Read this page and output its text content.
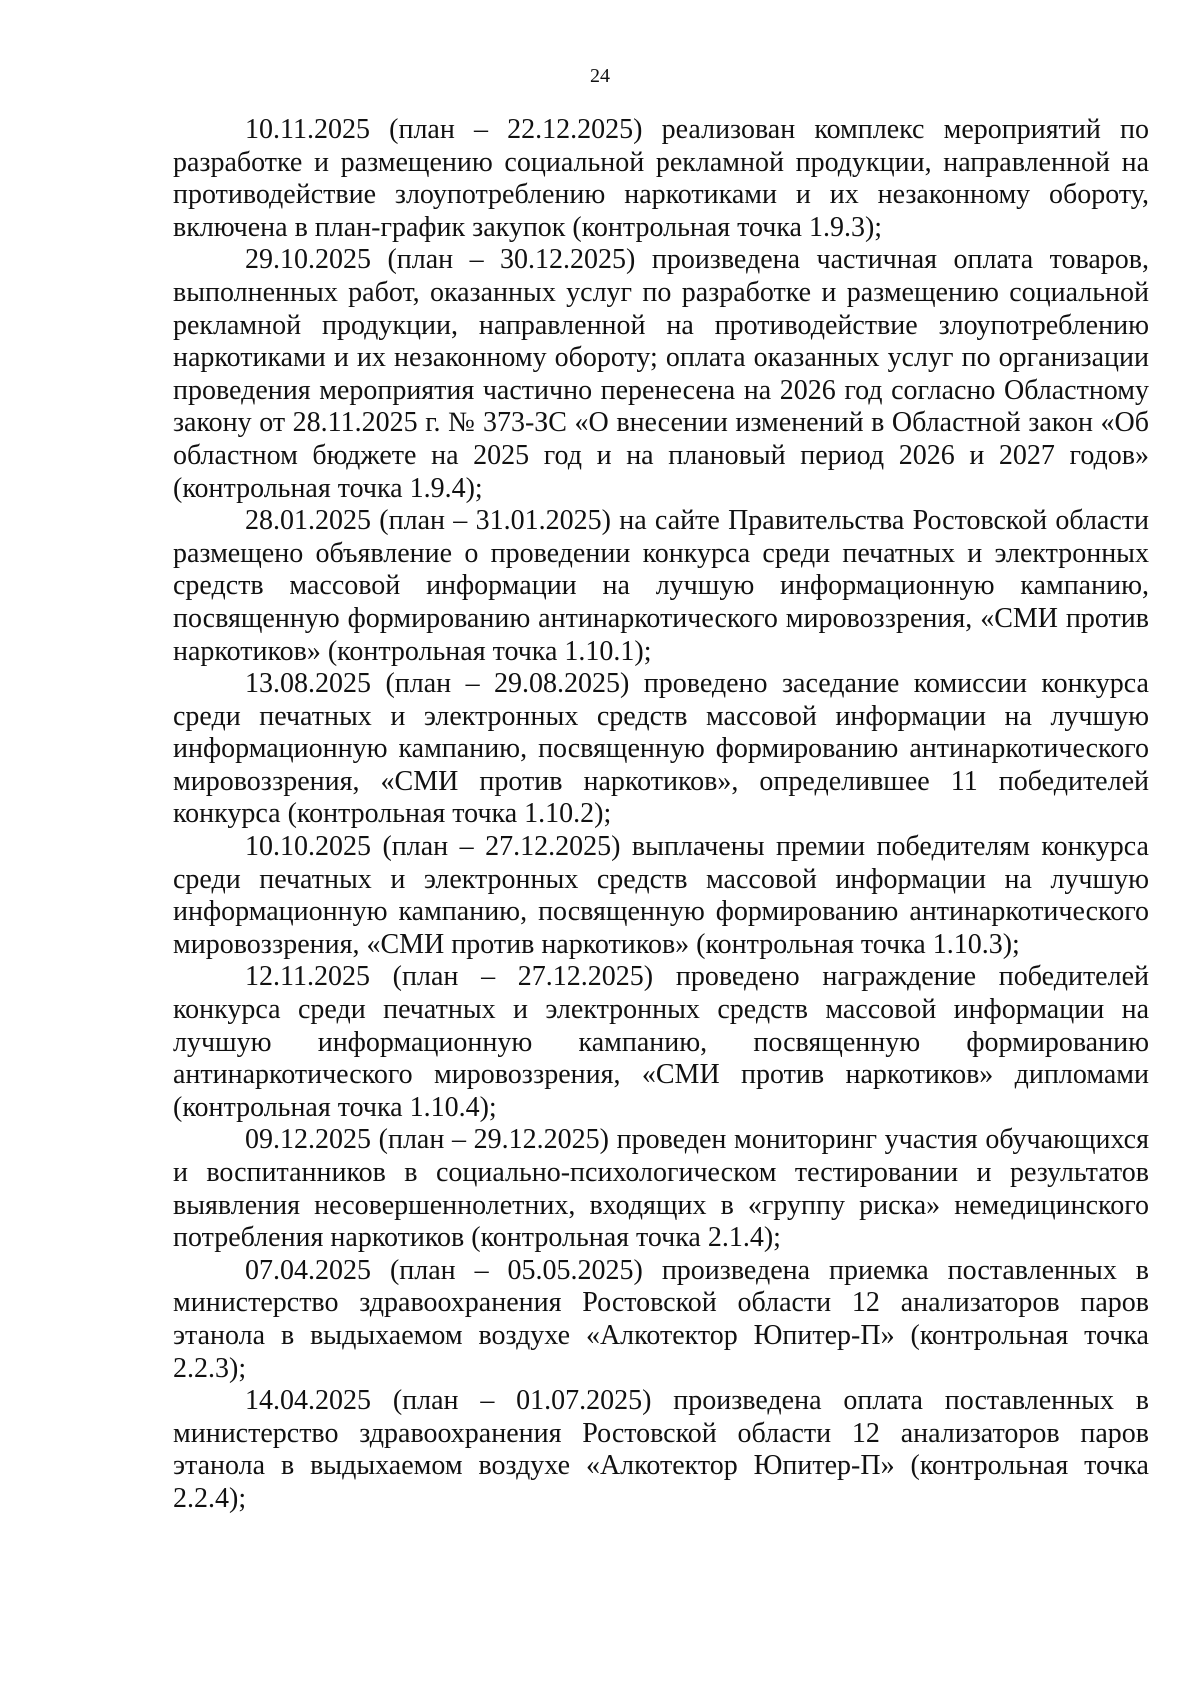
24

10.11.2025 (план – 22.12.2025) реализован комплекс мероприятий по разработке и размещению социальной рекламной продукции, направленной на противодействие злоупотреблению наркотиками и их незаконному обороту, включена в план-график закупок (контрольная точка 1.9.3);

29.10.2025 (план – 30.12.2025) произведена частичная оплата товаров, выполненных работ, оказанных услуг по разработке и размещению социальной рекламной продукции, направленной на противодействие злоупотреблению наркотиками и их незаконному обороту; оплата оказанных услуг по организации проведения мероприятия частично перенесена на 2026 год согласно Областному закону от 28.11.2025 г. № 373-ЗС «О внесении изменений в Областной закон «Об областном бюджете на 2025 год и на плановый период 2026 и 2027 годов» (контрольная точка 1.9.4);

28.01.2025 (план – 31.01.2025) на сайте Правительства Ростовской области размещено объявление о проведении конкурса среди печатных и электронных средств массовой информации на лучшую информационную кампанию, посвященную формированию антинаркотического мировоззрения, «СМИ против наркотиков» (контрольная точка 1.10.1);

13.08.2025 (план – 29.08.2025) проведено заседание комиссии конкурса среди печатных и электронных средств массовой информации на лучшую информационную кампанию, посвященную формированию антинаркотического мировоззрения, «СМИ против наркотиков», определившее 11 победителей конкурса (контрольная точка 1.10.2);

10.10.2025 (план – 27.12.2025) выплачены премии победителям конкурса среди печатных и электронных средств массовой информации на лучшую информационную кампанию, посвященную формированию антинаркотического мировоззрения, «СМИ против наркотиков» (контрольная точка 1.10.3);

12.11.2025 (план – 27.12.2025) проведено награждение победителей конкурса среди печатных и электронных средств массовой информации на лучшую информационную кампанию, посвященную формированию антинаркотического мировоззрения, «СМИ против наркотиков» дипломами (контрольная точка 1.10.4);

09.12.2025 (план – 29.12.2025) проведен мониторинг участия обучающихся и воспитанников в социально-психологическом тестировании и результатов выявления несовершеннолетних, входящих в «группу риска» немедицинского потребления наркотиков (контрольная точка 2.1.4);

07.04.2025 (план – 05.05.2025) произведена приемка поставленных в министерство здравоохранения Ростовской области 12 анализаторов паров этанола в выдыхаемом воздухе «Алкотектор Юпитер-П» (контрольная точка 2.2.3);

14.04.2025 (план – 01.07.2025) произведена оплата поставленных в министерство здравоохранения Ростовской области 12 анализаторов паров этанола в выдыхаемом воздухе «Алкотектор Юпитер-П» (контрольная точка 2.2.4);
